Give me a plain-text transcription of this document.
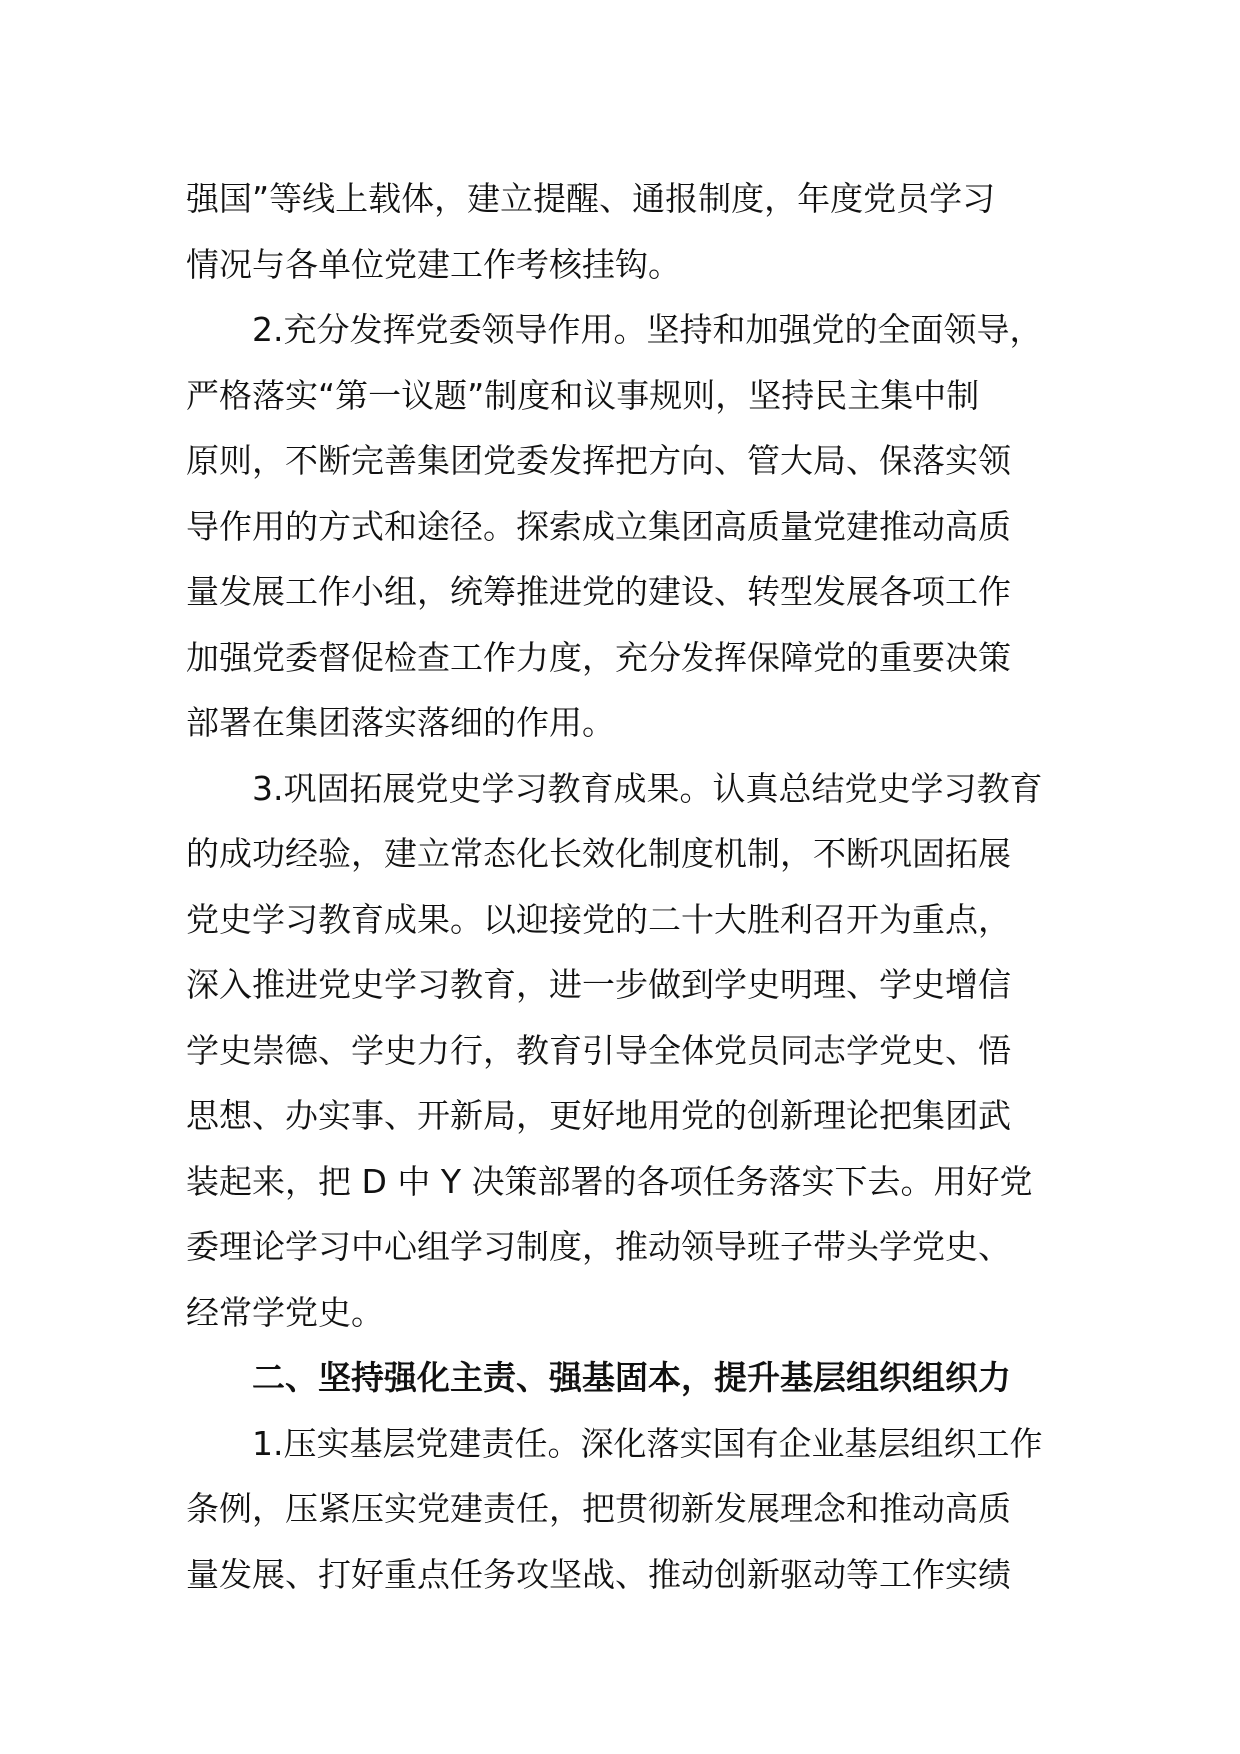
强国”等线上载体，建立提醒、通报制度，年度党员学习
情况与各单位党建工作考核挂钩。
2.充分发挥党委领导作用。坚持和加强党的全面领导，
严格落实“第一议题”制度和议事规则，坚持民主集中制
原则，不断完善集团党委发挥把方向、管大局、保落实领
导作用的方式和途径。探索成立集团高质量党建推动高质
量发展工作小组，统筹推进党的建设、转型发展各项工作
加强党委督促检查工作力度，充分发挥保障党的重要决策
部署在集团落实落细的作用。
3.巩固拓展党史学习教育成果。认真总结党史学习教育
的成功经验，建立常态化长效化制度机制，不断巩固拓展
党史学习教育成果。以迎接党的二十大胜利召开为重点，
深入推进党史学习教育，进一步做到学史明理、学史增信
学史崇德、学史力行，教育引导全体党员同志学党史、悟
思想、办实事、开新局，更好地用党的创新理论把集团武
装起来，把 D 中 Y 决策部署的各项任务落实下去。用好党
委理论学习中心组学习制度，推动领导班子带头学党史、
经常学党史。
二、坚持强化主责、强基固本，提升基层组织组织力
1.压实基层党建责任。深化落实国有企业基层组织工作
条例，压紧压实党建责任，把贯彻新发展理念和推动高质
量发展、打好重点任务攻坚战、推动创新驱动等工作实绩
